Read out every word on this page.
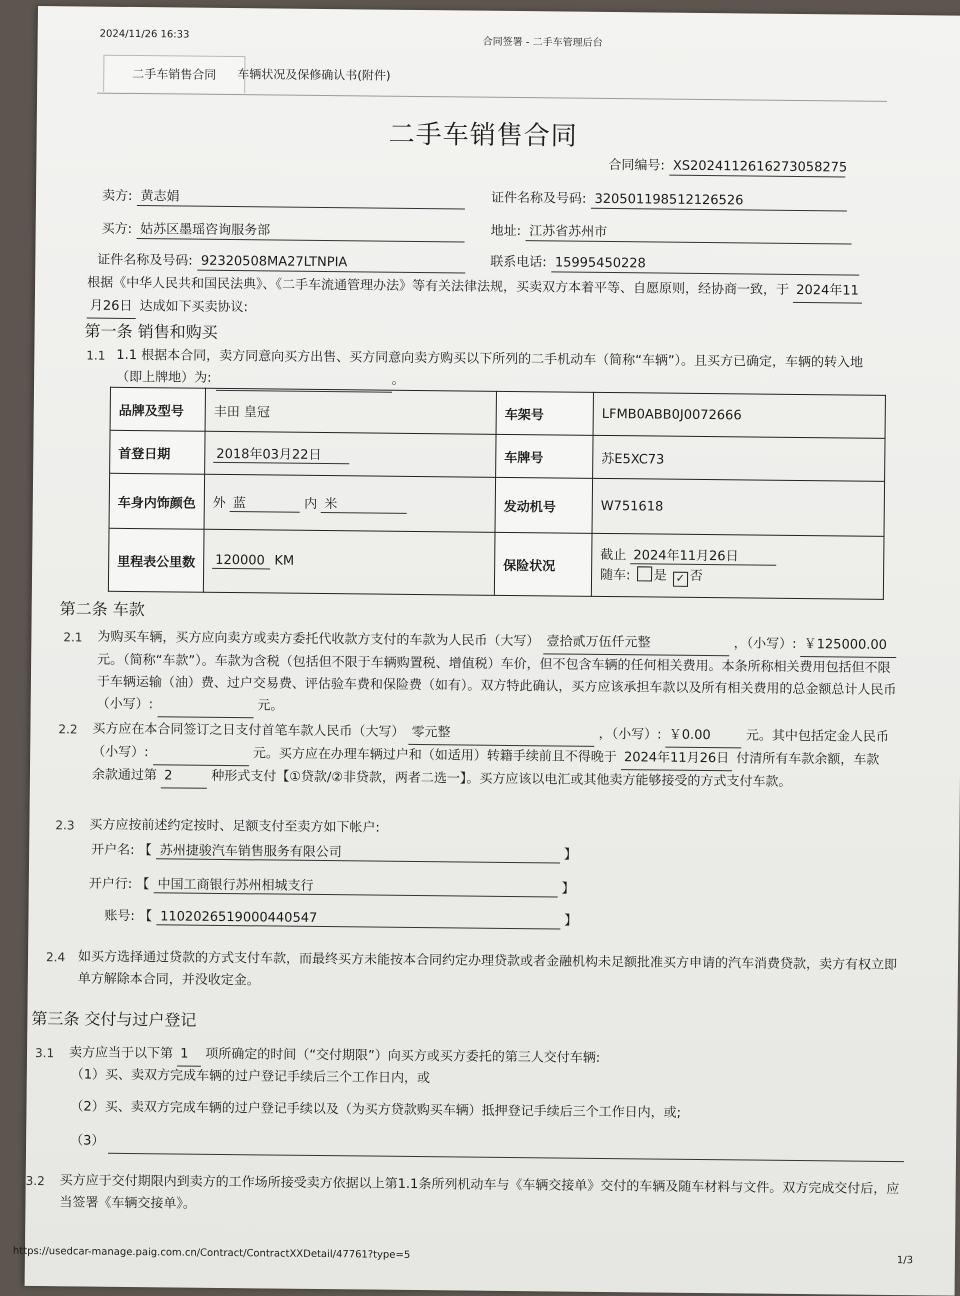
2024/11/26 16:33
合同签署 - 二手车管理后台
二手车销售合同	车辆状况及保修确认书(附件)
二手车销售合同
合同编号: XS2024112616273058275
卖方: 黄志娟	证件名称及号码: 320501198512126526
买方: 姑苏区墨瑶咨询服务部	地址: 江苏省苏州市
证件名称及号码: 92320508MA27LTNPIA	联系电话: 15995450228
根据《中华人民共和国民法典》、《二手车流通管理办法》等有关法律法规，买卖双方本着平等、自愿原则，经协商一致，于 2024年11
月26日 达成如下买卖协议:
第一条 销售和购买
1.1 1.1 根据本合同，卖方同意向买方出售、买方同意向卖方购买以下所列的二手机动车（简称“车辆”）。且买方已确定，车辆的转入地（即上牌地）为:	。
品牌及型号	丰田 皇冠	车架号	LFMB0ABB0J0072666
首登日期	2018年03月22日	车牌号	苏E5XC73
车身内饰颜色	外 蓝 内 米	发动机号	W751618
里程表公里数	120000 KM	保险状况	截止 2024年11月26日
随车: 是 ✓ 否
第二条 车款
2.1 为购买车辆，买方应向卖方或卖方委托代收款方支付的车款为人民币（大写） 壹拾贰万伍仟元整	，（小写）: ￥125000.00 元。（简称“车款”）。车款为含税（包括但不限于车辆购置税、增值税）车价，但不包含车辆的任何相关费用。本条所称相关费用包括但不限于车辆运输（油）费、过户交易费、评估验车费和保险费（如有）。双方特此确认，买方应该承担车款以及所有相关费用的总金额总计人民币（小写）:	元。
2.2 买方应在本合同签订之日支付首笔车款人民币（大写） 零元整	，（小写）: ￥0.00	元。其中包括定金人民币（小写）:	元。买方应在办理车辆过户和（如适用）转籍手续前且不得晚于 2024年11月26日 付清所有车款余额，车款余款通过第 2	种形式支付【①贷款/②非贷款，两者二选一】。买方应该以电汇或其他卖方能够接受的方式支付车款。
2.3 买方应按前述约定按时、足额支付至卖方如下帐户:
开户名: 【 苏州捷骏汽车销售服务有限公司	】
开户行: 【 中国工商银行苏州相城支行	】
账号: 【 1102026519000440547	】
2.4 如买方选择通过贷款的方式支付车款，而最终买方未能按本合同约定办理贷款或者金融机构未足额批准买方申请的汽车消费贷款，卖方有权立即单方解除本合同，并没收定金。
第三条 交付与过户登记
3.1 卖方应当于以下第 1 项所确定的时间（“交付期限”）向买方或买方委托的第三人交付车辆:
（1）买、卖双方完成车辆的过户登记手续后三个工作日内，或
（2）买、卖双方完成车辆的过户登记手续以及（为买方贷款购买车辆）抵押登记手续后三个工作日内，或;
（3）
3.2 买方应于交付期限内到卖方的工作场所接受卖方依据以上第1.1条所列机动车与《车辆交接单》交付的车辆及随车材料与文件。双方完成交付后，应当签署《车辆交接单》。
https://usedcar-manage.paig.com.cn/Contract/ContractXXDetail/47761?type=5	1/3
